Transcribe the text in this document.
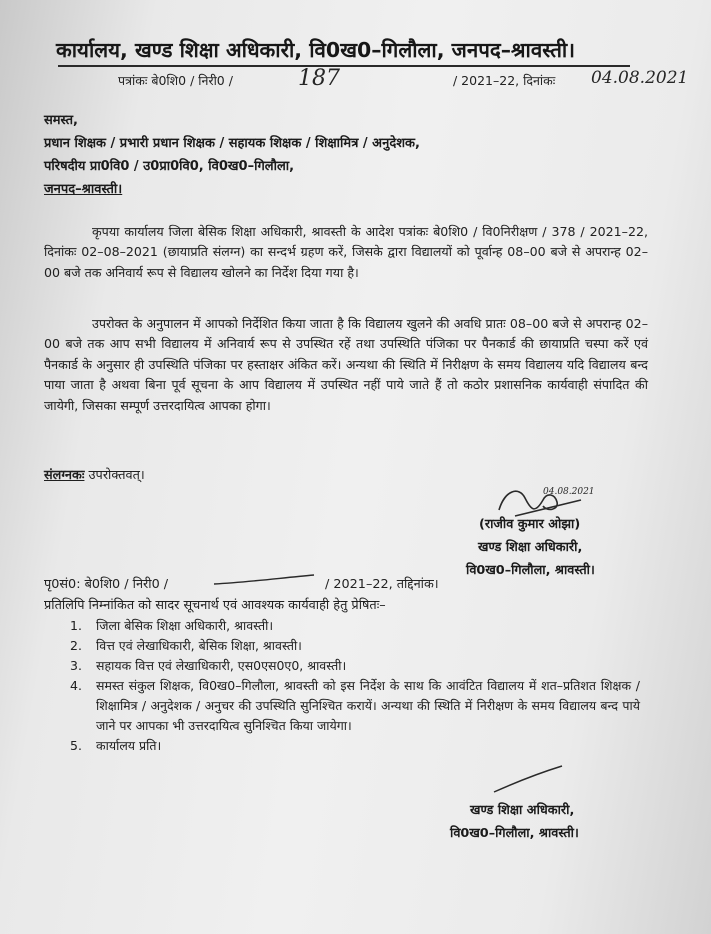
कार्यालय, खण्ड शिक्षा अधिकारी, वि0ख0–गिलौला, जनपद–श्रावस्ती।
पत्रांकः बे0शि0 / निरी0 /	187	/ 2021–22, दिनांकः 04.08.2021
समस्त,
प्रधान शिक्षक / प्रभारी प्रधान शिक्षक / सहायक शिक्षक / शिक्षामित्र / अनुदेशक,
परिषदीय प्रा0वि0 / उ0प्रा0वि0, वि0ख0–गिलौला,
जनपद–श्रावस्ती।
कृपया कार्यालय जिला बेसिक शिक्षा अधिकारी, श्रावस्ती के आदेश पत्रांकः बे0शि0 / वि0निरीक्षण / 378 / 2021–22, दिनांकः 02–08–2021 (छायाप्रति संलग्न) का सन्दर्भ ग्रहण करें, जिसके द्वारा विद्यालयों को पूर्वान्ह 08–00 बजे से अपरान्ह 02–00 बजे तक अनिवार्य रूप से विद्यालय खोलने का निर्देश दिया गया है।
उपरोक्त के अनुपालन में आपको निर्देशित किया जाता है कि विद्यालय खुलने की अवधि प्रातः 08–00 बजे से अपरान्ह 02–00 बजे तक आप सभी विद्यालय में अनिवार्य रूप से उपस्थित रहें तथा उपस्थिति पंजिका पर पैनकार्ड की छायाप्रति चस्पा करें एवं पैनकार्ड के अनुसार ही उपस्थिति पंजिका पर हस्ताक्षर अंकित करें। अन्यथा की स्थिति में निरीक्षण के समय विद्यालय यदि विद्यालय बन्द पाया जाता है अथवा बिना पूर्व सूचना के आप विद्यालय में उपस्थित नहीं पाये जाते हैं तो कठोर प्रशासनिक कार्यवाही संपादित की जायेगी, जिसका सम्पूर्ण उत्तरदायित्व आपका होगा।
संलग्नकः उपरोक्तवत्।
04.08.2021
(राजीव कुमार ओझा)
खण्ड शिक्षा अधिकारी,
वि0ख0–गिलौला, श्रावस्ती।
पृ0सं0: बे0शि0 / निरी0 /	/ 2021–22, तद्दिनांक।
प्रतिलिपि निम्नांकित को सादर सूचनार्थ एवं आवश्यक कार्यवाही हेतु प्रेषितः–
1. जिला बेसिक शिक्षा अधिकारी, श्रावस्ती।
2. वित्त एवं लेखाधिकारी, बेसिक शिक्षा, श्रावस्ती।
3. सहायक वित्त एवं लेखाधिकारी, एस0एस0ए0, श्रावस्ती।
4. समस्त संकुल शिक्षक, वि0ख0–गिलौला, श्रावस्ती को इस निर्देश के साथ कि आवंटित विद्यालय में शत–प्रतिशत शिक्षक / शिक्षामित्र / अनुदेशक / अनुचर की उपस्थिति सुनिश्चित करायें। अन्यथा की स्थिति में निरीक्षण के समय विद्यालय बन्द पाये जाने पर आपका भी उत्तरदायित्व सुनिश्चित किया जायेगा।
5. कार्यालय प्रति।
खण्ड शिक्षा अधिकारी,
वि0ख0–गिलौला, श्रावस्ती।
